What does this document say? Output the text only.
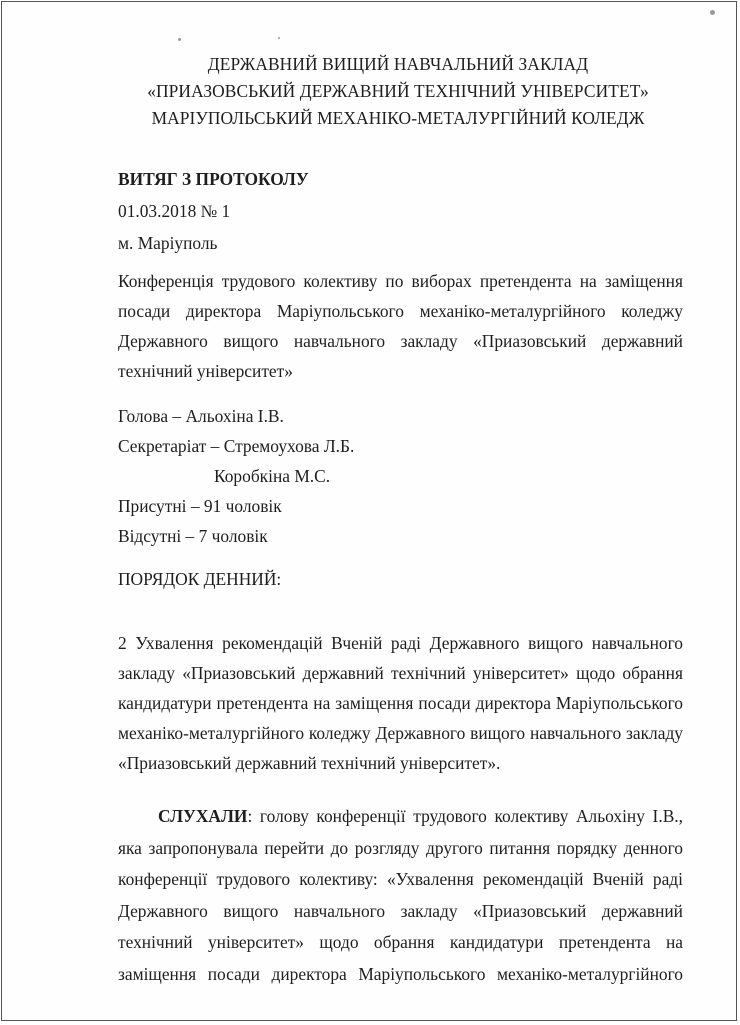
ДЕРЖАВНИЙ ВИЩИЙ НАВЧАЛЬНИЙ ЗАКЛАД
«ПРИАЗОВСЬКИЙ ДЕРЖАВНИЙ ТЕХНІЧНИЙ УНІВЕРСИТЕТ»
МАРІУПОЛЬСЬКИЙ МЕХАНІКО-МЕТАЛУРГІЙНИЙ КОЛЕДЖ
ВИТЯГ З ПРОТОКОЛУ
01.03.2018 № 1
м. Маріуполь
Конференція трудового колективу по виборах претендента на заміщення
посади директора Маріупольського механіко-металургійного коледжу
Державного вищого навчального закладу «Приазовський державний
технічний університет»
Голова – Альохіна І.В.
Секретаріат – Стремоухова Л.Б.
Коробкіна М.С.
Присутні – 91 чоловік
Відсутні – 7 чоловік
ПОРЯДОК ДЕННИЙ:
2 Ухвалення рекомендацій Вченій раді Державного вищого навчального
закладу «Приазовський державний технічний університет» щодо обрання
кандидатури претендента на заміщення посади директора Маріупольського
механіко-металургійного коледжу Державного вищого навчального закладу
«Приазовський державний технічний університет».
СЛУХАЛИ: голову конференції трудового колективу Альохіну І.В.,
яка запропонувала перейти до розгляду другого питання порядку денного
конференції трудового колективу: «Ухвалення рекомендацій Вченій раді
Державного вищого навчального закладу «Приазовський державний
технічний університет» щодо обрання кандидатури претендента на
заміщення посади директора Маріупольського механіко-металургійного
